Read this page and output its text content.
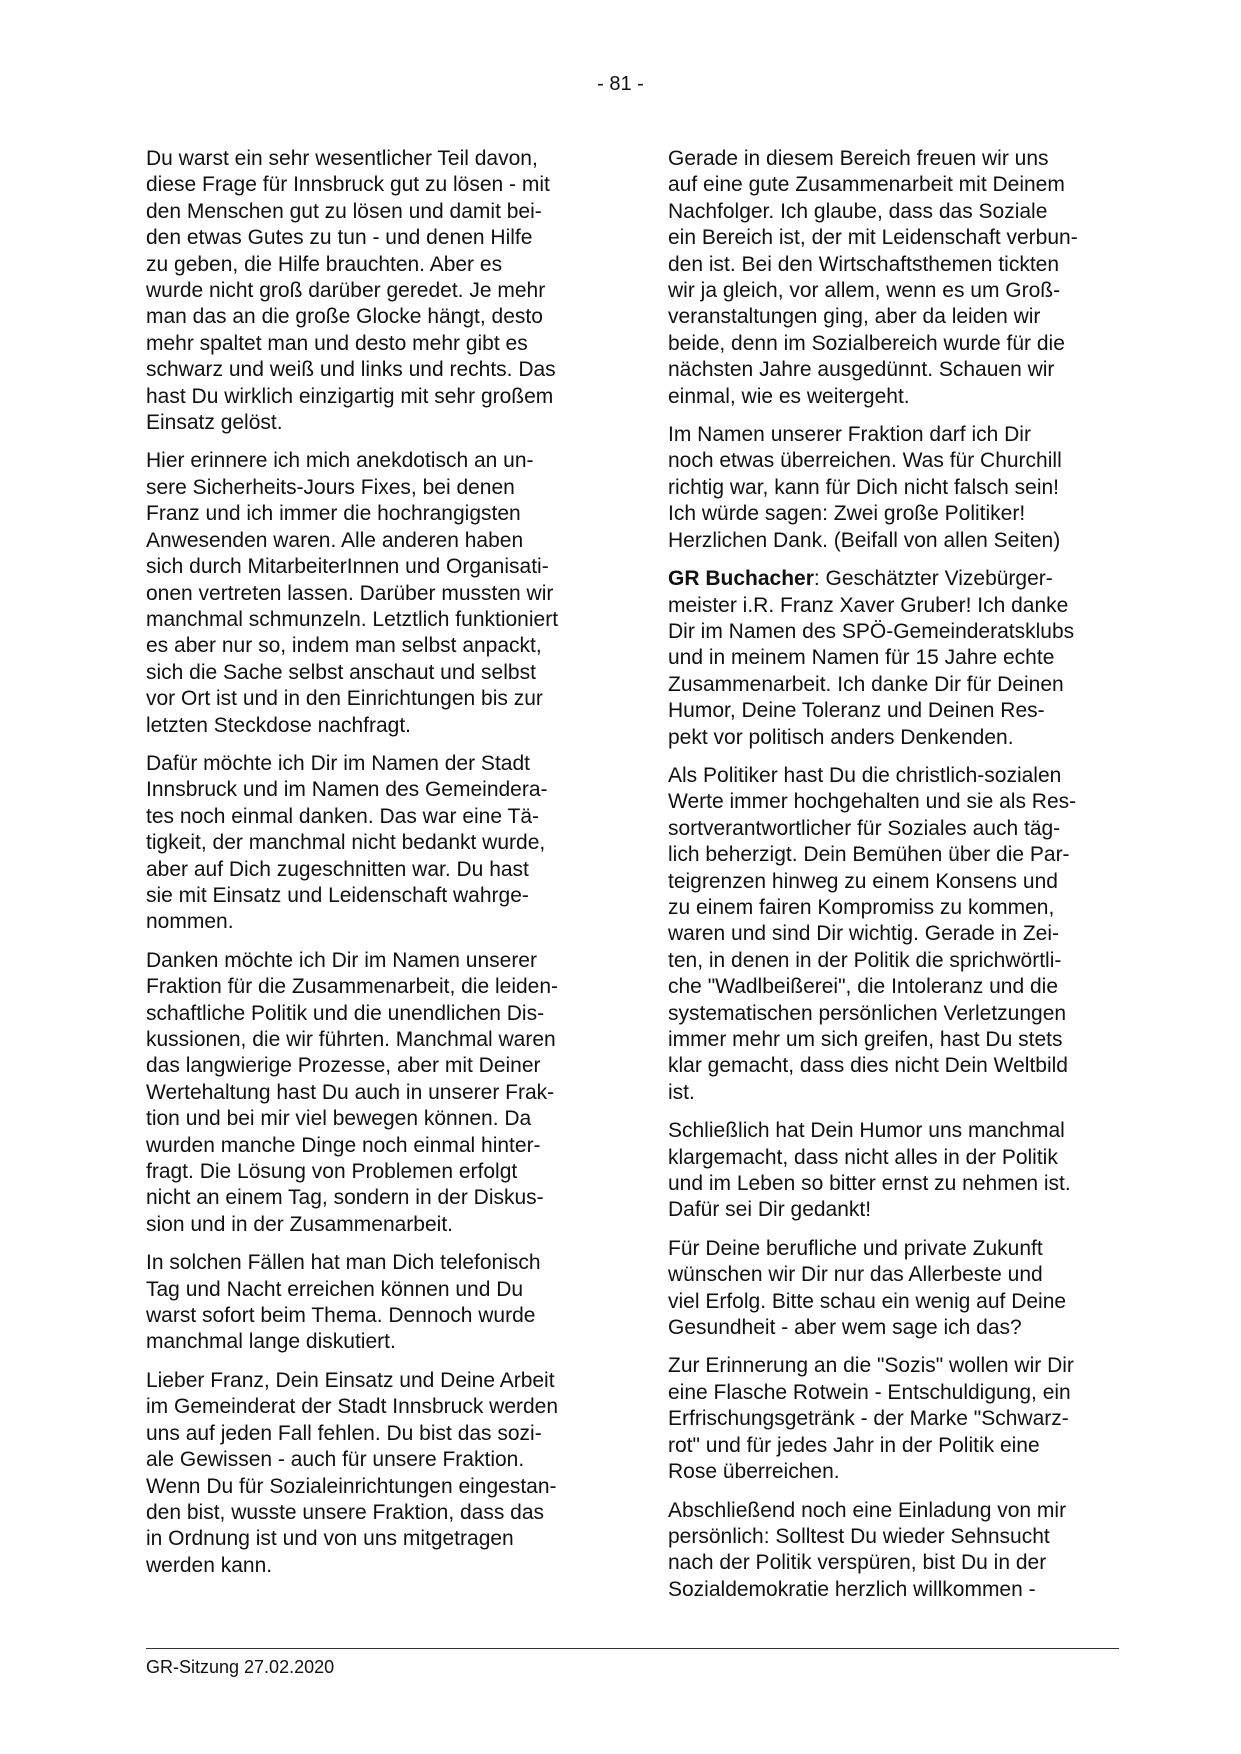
- 81 -

Du warst ein sehr wesentlicher Teil davon,
diese Frage für Innsbruck gut zu lösen - mit
den Menschen gut zu lösen und damit bei-
den etwas Gutes zu tun - und denen Hilfe
zu geben, die Hilfe brauchten. Aber es
wurde nicht groß darüber geredet. Je mehr
man das an die große Glocke hängt, desto
mehr spaltet man und desto mehr gibt es
schwarz und weiß und links und rechts. Das
hast Du wirklich einzigartig mit sehr großem
Einsatz gelöst.

Hier erinnere ich mich anekdotisch an un-
sere Sicherheits-Jours Fixes, bei denen
Franz und ich immer die hochrangigsten
Anwesenden waren. Alle anderen haben
sich durch MitarbeiterInnen und Organisati-
onen vertreten lassen. Darüber mussten wir
manchmal schmunzeln. Letztlich funktioniert
es aber nur so, indem man selbst anpackt,
sich die Sache selbst anschaut und selbst
vor Ort ist und in den Einrichtungen bis zur
letzten Steckdose nachfragt.

Dafür möchte ich Dir im Namen der Stadt
Innsbruck und im Namen des Gemeindera-
tes noch einmal danken. Das war eine Tä-
tigkeit, der manchmal nicht bedankt wurde,
aber auf Dich zugeschnitten war. Du hast
sie mit Einsatz und Leidenschaft wahrge-
nommen.

Danken möchte ich Dir im Namen unserer
Fraktion für die Zusammenarbeit, die leiden-
schaftliche Politik und die unendlichen Dis-
kussionen, die wir führten. Manchmal waren
das langwierige Prozesse, aber mit Deiner
Wertehaltung hast Du auch in unserer Frak-
tion und bei mir viel bewegen können. Da
wurden manche Dinge noch einmal hinter-
fragt. Die Lösung von Problemen erfolgt
nicht an einem Tag, sondern in der Diskus-
sion und in der Zusammenarbeit.

In solchen Fällen hat man Dich telefonisch
Tag und Nacht erreichen können und Du
warst sofort beim Thema. Dennoch wurde
manchmal lange diskutiert.

Lieber Franz, Dein Einsatz und Deine Arbeit
im Gemeinderat der Stadt Innsbruck werden
uns auf jeden Fall fehlen. Du bist das sozi-
ale Gewissen - auch für unsere Fraktion.
Wenn Du für Sozialeinrichtungen eingestan-
den bist, wusste unsere Fraktion, dass das
in Ordnung ist und von uns mitgetragen
werden kann.

Gerade in diesem Bereich freuen wir uns
auf eine gute Zusammenarbeit mit Deinem
Nachfolger. Ich glaube, dass das Soziale
ein Bereich ist, der mit Leidenschaft verbun-
den ist. Bei den Wirtschaftsthemen tickten
wir ja gleich, vor allem, wenn es um Groß-
veranstaltungen ging, aber da leiden wir
beide, denn im Sozialbereich wurde für die
nächsten Jahre ausgedünnt. Schauen wir
einmal, wie es weitergeht.

Im Namen unserer Fraktion darf ich Dir
noch etwas überreichen. Was für Churchill
richtig war, kann für Dich nicht falsch sein!
Ich würde sagen: Zwei große Politiker!
Herzlichen Dank. (Beifall von allen Seiten)

GR Buchacher: Geschätzter Vizebürger-
meister i.R. Franz Xaver Gruber! Ich danke
Dir im Namen des SPÖ-Gemeinderatsklubs
und in meinem Namen für 15 Jahre echte
Zusammenarbeit. Ich danke Dir für Deinen
Humor, Deine Toleranz und Deinen Res-
pekt vor politisch anders Denkenden.

Als Politiker hast Du die christlich-sozialen
Werte immer hochgehalten und sie als Res-
sortverantwortlicher für Soziales auch täg-
lich beherzigt. Dein Bemühen über die Par-
teigrenzen hinweg zu einem Konsens und
zu einem fairen Kompromiss zu kommen,
waren und sind Dir wichtig. Gerade in Zei-
ten, in denen in der Politik die sprichwörtli-
che "Wadlbeißerei", die Intoleranz und die
systematischen persönlichen Verletzungen
immer mehr um sich greifen, hast Du stets
klar gemacht, dass dies nicht Dein Weltbild
ist.

Schließlich hat Dein Humor uns manchmal
klargemacht, dass nicht alles in der Politik
und im Leben so bitter ernst zu nehmen ist.
Dafür sei Dir gedankt!

Für Deine berufliche und private Zukunft
wünschen wir Dir nur das Allerbeste und
viel Erfolg. Bitte schau ein wenig auf Deine
Gesundheit - aber wem sage ich das?

Zur Erinnerung an die "Sozis" wollen wir Dir
eine Flasche Rotwein - Entschuldigung, ein
Erfrischungsgetränk - der Marke "Schwarz-
rot" und für jedes Jahr in der Politik eine
Rose überreichen.

Abschließend noch eine Einladung von mir
persönlich: Solltest Du wieder Sehnsucht
nach der Politik verspüren, bist Du in der
Sozialdemokratie herzlich willkommen -

GR-Sitzung 27.02.2020
